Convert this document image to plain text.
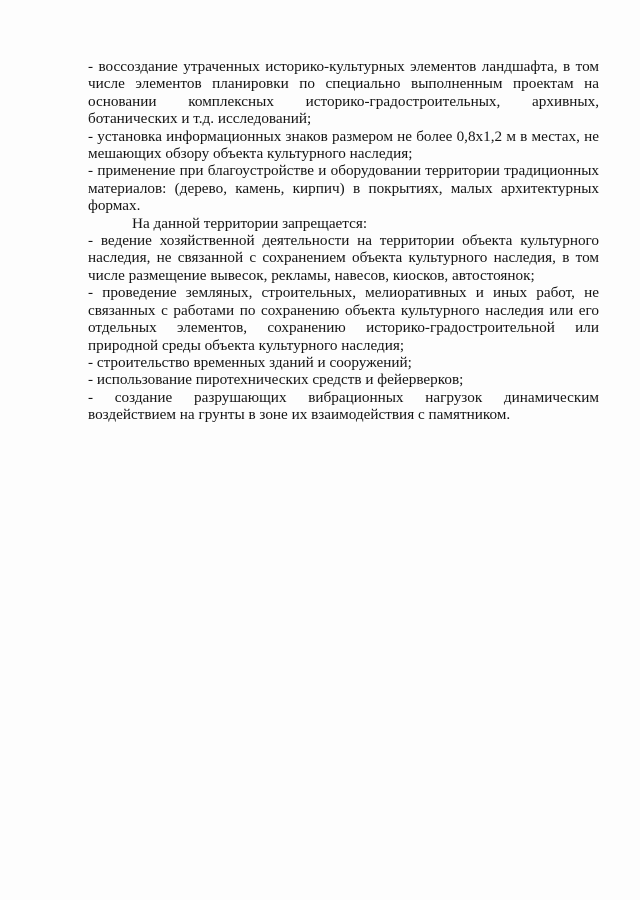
- воссоздание утраченных историко-культурных элементов ландшафта, в том числе элементов планировки по специально выполненным проектам на основании комплексных историко-градостроительных, архивных, ботанических и т.д. исследований;

- установка информационных знаков размером не более 0,8х1,2 м в местах, не мешающих обзору объекта культурного наследия;

- применение при благоустройстве и оборудовании территории традиционных материалов: (дерево, камень, кирпич) в покрытиях, малых архитектурных формах.

На данной территории запрещается:

- ведение хозяйственной деятельности на территории объекта культурного наследия, не связанной с сохранением объекта культурного наследия, в том числе размещение вывесок, рекламы, навесов, киосков, автостоянок;

- проведение земляных, строительных, мелиоративных и иных работ, не связанных с работами по сохранению объекта культурного наследия или его отдельных элементов, сохранению историко-градостроительной или природной среды объекта культурного наследия;

- строительство временных зданий и сооружений;

- использование пиротехнических средств и фейерверков;

- создание разрушающих вибрационных нагрузок динамическим воздействием на грунты в зоне их взаимодействия с памятником.
